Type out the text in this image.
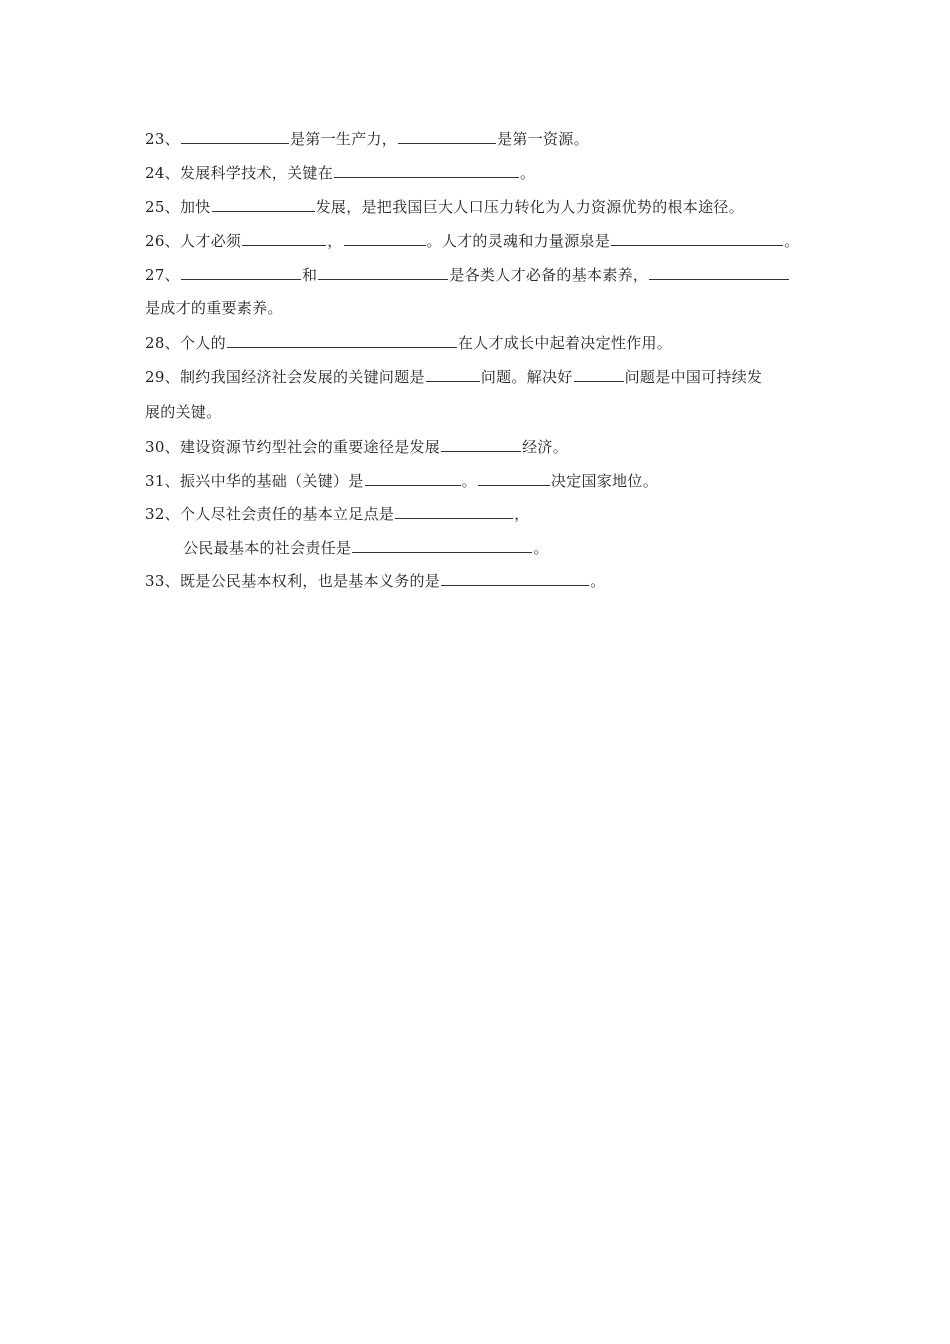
23、	是第一生产力，	是第一资源。
24、发展科学技术，关键在	。
25、加快	发展，是把我国巨大人口压力转化为人力资源优势的根本途径。
26、人才必须	，	。人才的灵魂和力量源泉是	。
27、	和	是各类人才必备的基本素养，
是成才的重要素养。
28、个人的	在人才成长中起着决定性作用。
29、制约我国经济社会发展的关键问题是	问题。解决好	问题是中国可持续发
展的关键。
30、建设资源节约型社会的重要途径是发展	经济。
31、振兴中华的基础（关键）是	。	决定国家地位。
32、个人尽社会责任的基本立足点是	，
公民最基本的社会责任是	。
33、既是公民基本权利，也是基本义务的是	。
